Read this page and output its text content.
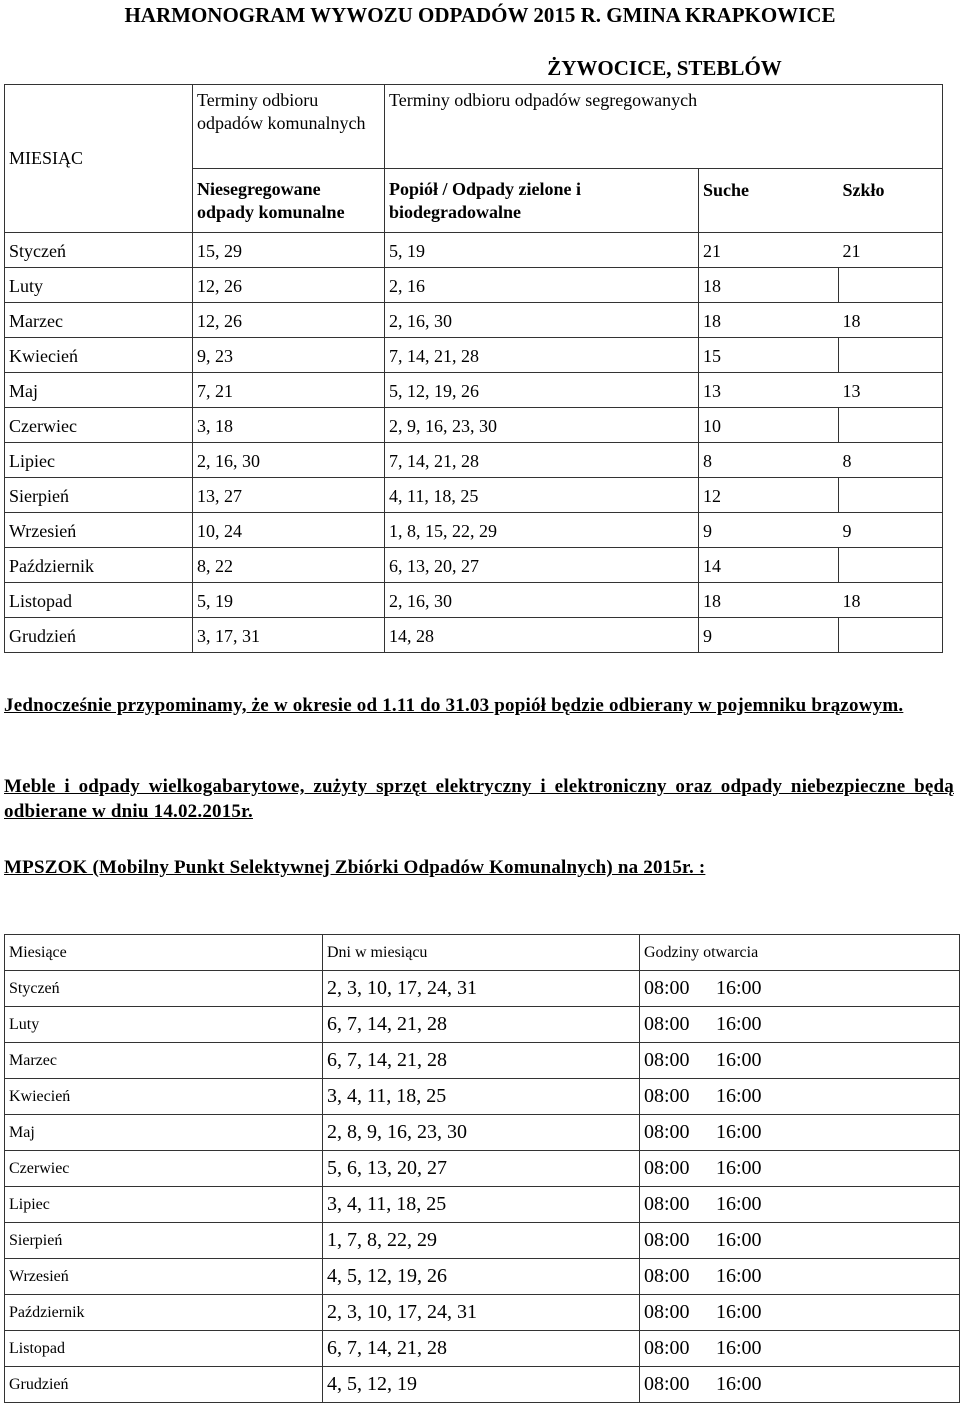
HARMONOGRAM WYWOZU ODPADÓW 2015 R. GMINA KRAPKOWICE
ŻYWOCICE, STEBLÓW
MIESIĄC	Terminy odbioru odpadów komunalnych	Terminy odbioru odpadów segregowanych		
	Niesegregowane odpady komunalne	Popiół / Odpady zielone i biodegradowalne	Suche	Szkło
Styczeń	15, 29	5, 19	21	21
Luty	12, 26	2, 16	18	
Marzec	12, 26	2, 16, 30	18	18
Kwiecień	9, 23	7, 14, 21, 28	15	
Maj	7, 21	5, 12, 19, 26	13	13
Czerwiec	3, 18	2, 9, 16, 23, 30	10	
Lipiec	2, 16, 30	7, 14, 21, 28	8	8
Sierpień	13, 27	4, 11, 18, 25	12	
Wrzesień	10, 24	1, 8, 15, 22, 29	9	9
Październik	8, 22	6, 13, 20, 27	14	
Listopad	5, 19	2, 16, 30	18	18
Grudzień	3, 17, 31	14, 28	9	
Jednocześnie przypominamy, że w okresie od 1.11 do 31.03 popiół będzie odbierany w pojemniku brązowym.
Meble i odpady wielkogabarytowe, zużyty sprzęt elektryczny i elektroniczny oraz odpady niebezpieczne będą odbierane w dniu 14.02.2015r.
MPSZOK (Mobilny Punkt Selektywnej Zbiórki Odpadów Komunalnych) na 2015r. :
Miesiące	Dni w miesiącu	Godziny otwarcia
Styczeń	2, 3, 10, 17, 24, 31	08:00 16:00
Luty	6, 7, 14, 21, 28	08:00 16:00
Marzec	6, 7, 14, 21, 28	08:00 16:00
Kwiecień	3, 4, 11, 18, 25	08:00 16:00
Maj	2, 8, 9, 16, 23, 30	08:00 16:00
Czerwiec	5, 6, 13, 20, 27	08:00 16:00
Lipiec	3, 4, 11, 18, 25	08:00 16:00
Sierpień	1, 7, 8, 22, 29	08:00 16:00
Wrzesień	4, 5, 12, 19, 26	08:00 16:00
Październik	2, 3, 10, 17, 24, 31	08:00 16:00
Listopad	6, 7, 14, 21, 28	08:00 16:00
Grudzień	4, 5, 12, 19	08:00 16:00
